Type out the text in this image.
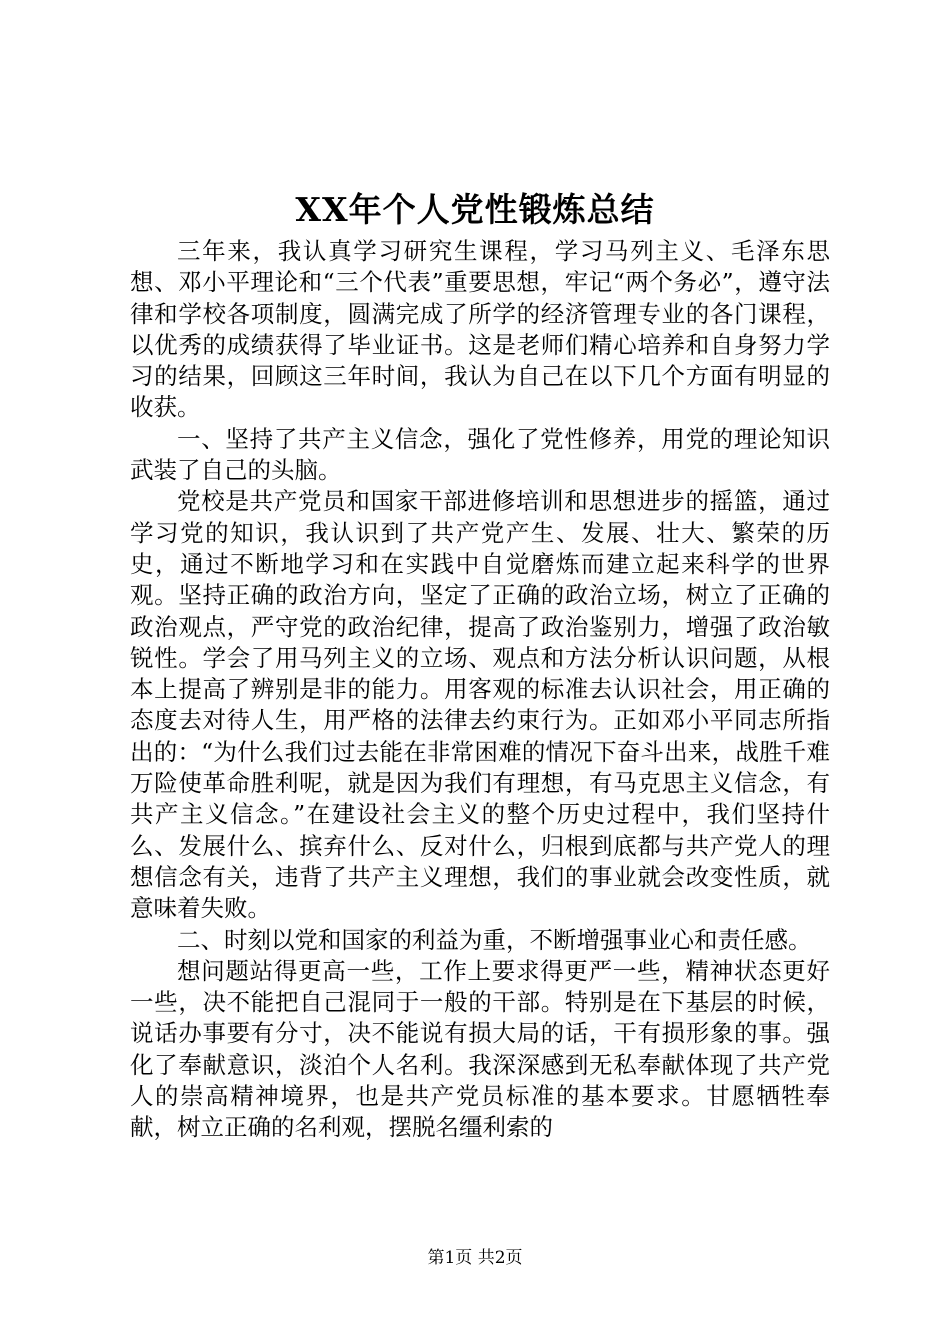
XX年个人党性锻炼总结

三年来，我认真学习研究生课程，学习马列主义、毛泽东思想、邓小平理论和“三个代表”重要思想，牢记“两个务必”，遵守法律和学校各项制度，圆满完成了所学的经济管理专业的各门课程，以优秀的成绩获得了毕业证书。这是老师们精心培养和自身努力学习的结果，回顾这三年时间，我认为自己在以下几个方面有明显的收获。

一、坚持了共产主义信念，强化了党性修养，用党的理论知识武装了自己的头脑。

党校是共产党员和国家干部进修培训和思想进步的摇篮，通过学习党的知识，我认识到了共产党产生、发展、壮大、繁荣的历史，通过不断地学习和在实践中自觉磨炼而建立起来科学的世界观。坚持正确的政治方向，坚定了正确的政治立场，树立了正确的政治观点，严守党的政治纪律，提高了政治鉴别力，增强了政治敏锐性。学会了用马列主义的立场、观点和方法分析认识问题，从根本上提高了辨别是非的能力。用客观的标准去认识社会，用正确的态度去对待人生，用严格的法律去约束行为。正如邓小平同志所指出的：“为什么我们过去能在非常困难的情况下奋斗出来，战胜千难万险使革命胜利呢，就是因为我们有理想，有马克思主义信念，有共产主义信念。”在建设社会主义的整个历史过程中，我们坚持什么、发展什么、摈弃什么、反对什么，归根到底都与共产党人的理想信念有关，违背了共产主义理想，我们的事业就会改变性质，就意味着失败。

二、时刻以党和国家的利益为重，不断增强事业心和责任感。

想问题站得更高一些，工作上要求得更严一些，精神状态更好一些，决不能把自己混同于一般的干部。特别是在下基层的时候，说话办事要有分寸，决不能说有损大局的话，干有损形象的事。强化了奉献意识，淡泊个人名利。我深深感到无私奉献体现了共产党人的崇高精神境界，也是共产党员标准的基本要求。甘愿牺牲奉献，树立正确的名利观，摆脱名缰利索的

第1页 共2页
